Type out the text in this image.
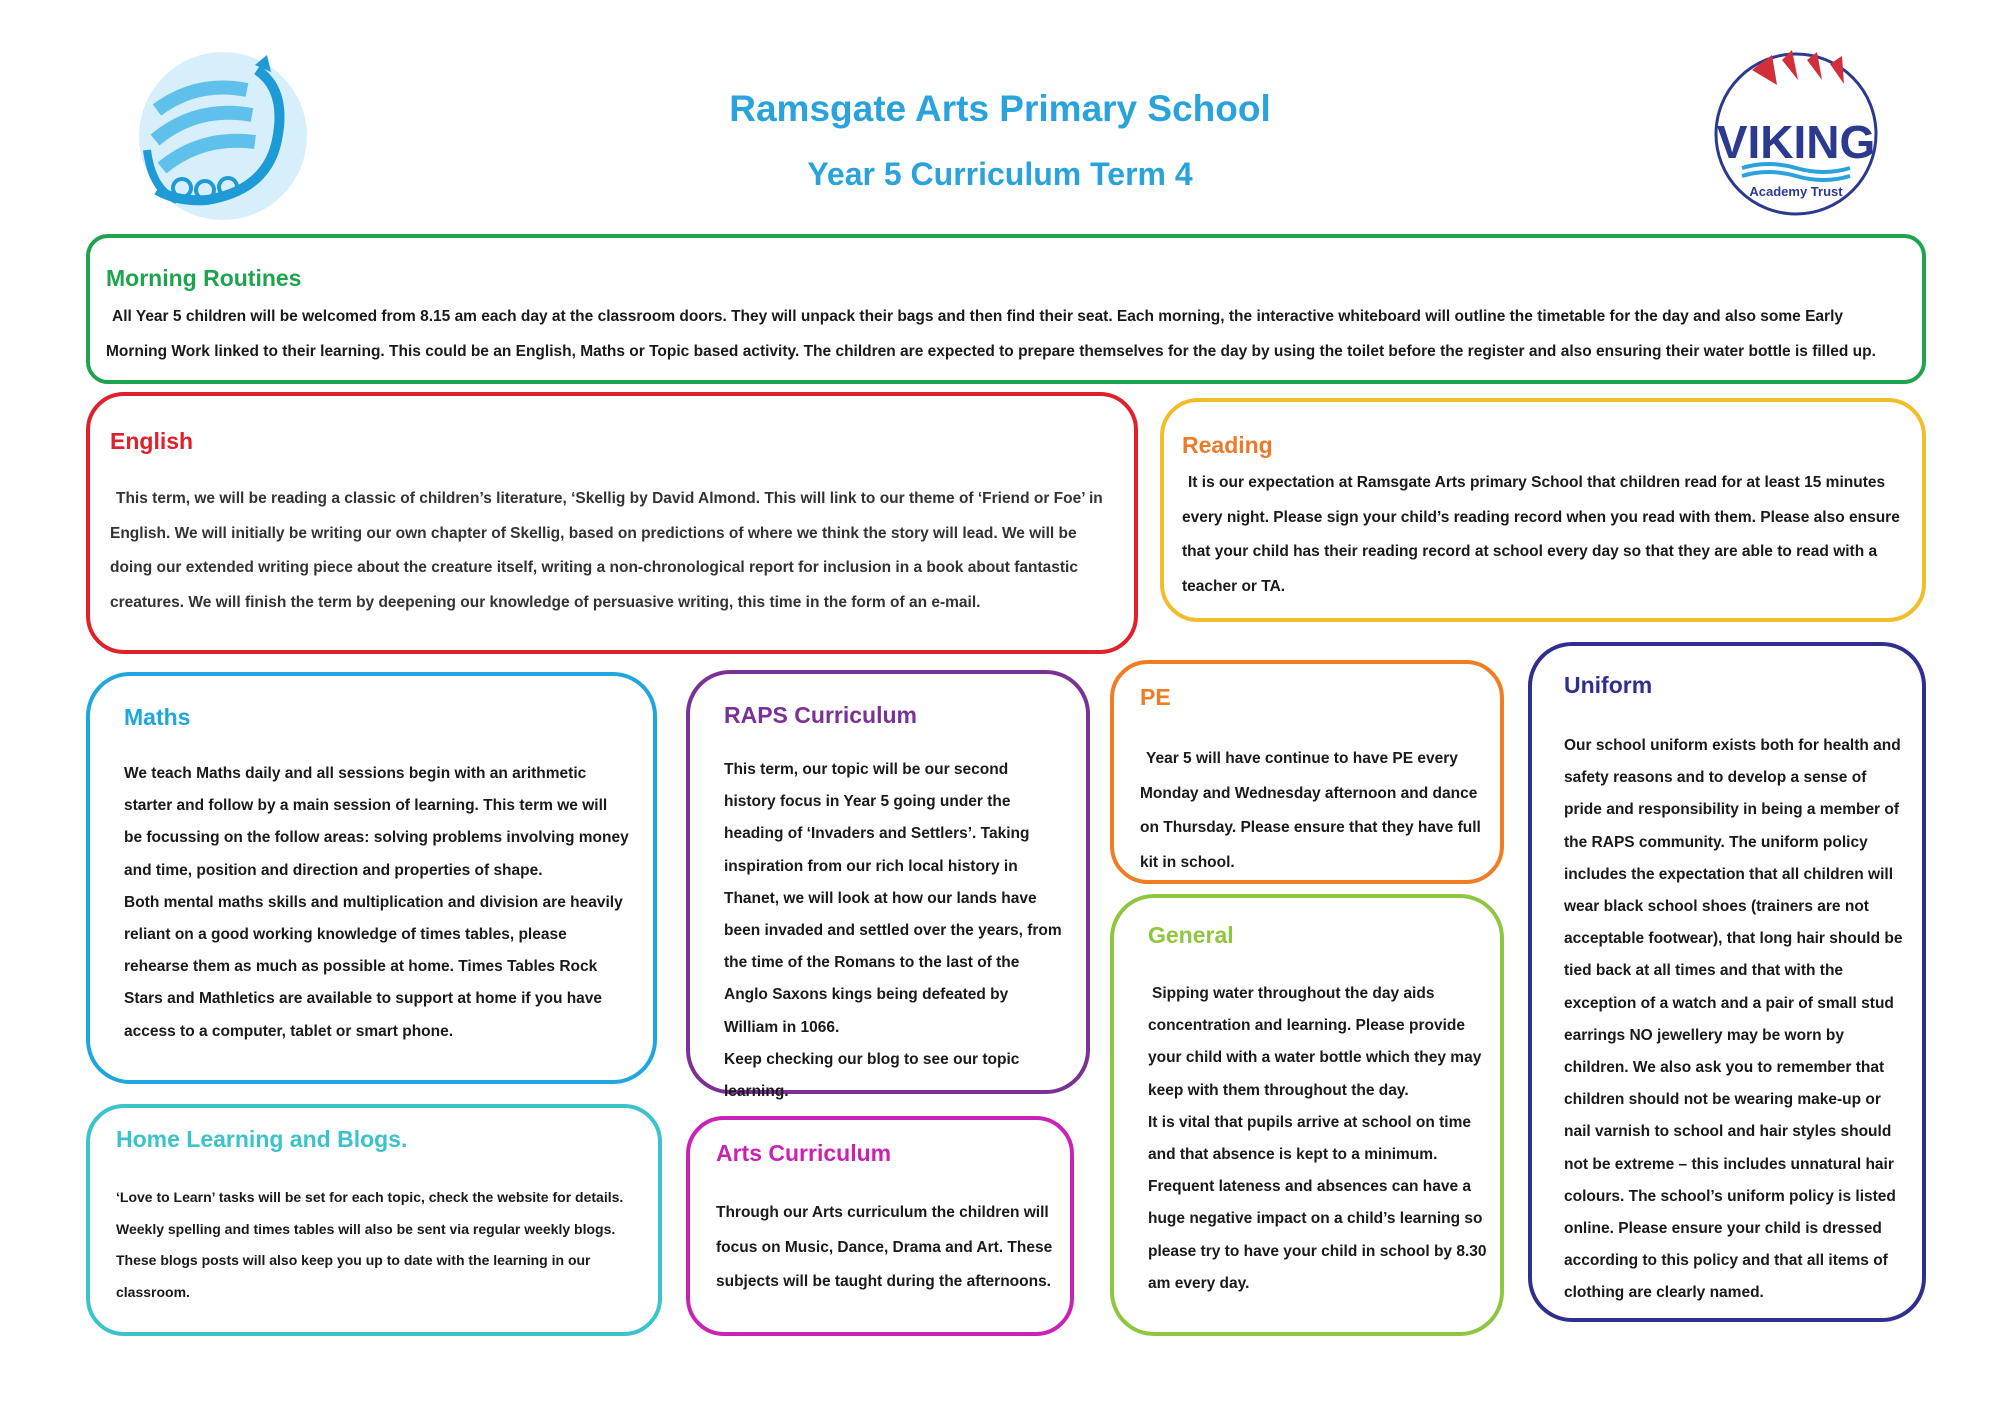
VIKING
Academy Trust
Ramsgate Arts Primary School
Year 5 Curriculum Term 4
Morning Routines

All Year 5 children will be welcomed from 8.15 am each day at the classroom doors. They will unpack their bags and then find their seat. Each morning, the interactive whiteboard will outline the timetable for the day and also some Early Morning Work linked to their learning. This could be an English, Maths or Topic based activity. The children are expected to prepare themselves for the day by using the toilet before the register and also ensuring their water bottle is filled up.

English

This term, we will be reading a classic of children’s literature, ‘Skellig by David Almond. This will link to our theme of ‘Friend or Foe’ in English. We will initially be writing our own chapter of Skellig, based on predictions of where we think the story will lead. We will be doing our extended writing piece about the creature itself, writing a non-chronological report for inclusion in a book about fantastic creatures. We will finish the term by deepening our knowledge of persuasive writing, this time in the form of an e-mail.

Reading

It is our expectation at Ramsgate Arts primary School that children read for at least 15 minutes every night. Please sign your child’s reading record when you read with them. Please also ensure that your child has their reading record at school every day so that they are able to read with a teacher or TA.

Maths

We teach Maths daily and all sessions begin with an arithmetic starter and follow by a main session of learning. This term we will be focussing on the follow areas: solving problems involving money and time, position and direction and properties of shape.
Both mental maths skills and multiplication and division are heavily reliant on a good working knowledge of times tables, please rehearse them as much as possible at home. Times Tables Rock Stars and Mathletics are available to support at home if you have access to a computer, tablet or smart phone.

RAPS Curriculum

This term, our topic will be our second history focus in Year 5 going under the heading of ‘Invaders and Settlers’. Taking inspiration from our rich local history in Thanet, we will look at how our lands have been invaded and settled over the years, from the time of the Romans to the last of the Anglo Saxons kings being defeated by William in 1066.
Keep checking our blog to see our topic learning.

PE

Year 5 will have continue to have PE every Monday and Wednesday afternoon and dance on Thursday. Please ensure that they have full kit in school.

General

Sipping water throughout the day aids concentration and learning. Please provide your child with a water bottle which they may keep with them throughout the day.
It is vital that pupils arrive at school on time and that absence is kept to a minimum. Frequent lateness and absences can have a huge negative impact on a child’s learning so please try to have your child in school by 8.30 am every day.

Uniform

Our school uniform exists both for health and safety reasons and to develop a sense of pride and responsibility in being a member of the RAPS community. The uniform policy includes the expectation that all children will wear black school shoes (trainers are not acceptable footwear), that long hair should be tied back at all times and that with the exception of a watch and a pair of small stud earrings NO jewellery may be worn by children. We also ask you to remember that children should not be wearing make-up or nail varnish to school and hair styles should not be extreme – this includes unnatural hair colours. The school’s uniform policy is listed online. Please ensure your child is dressed according to this policy and that all items of clothing are clearly named.

Home Learning and Blogs.

‘Love to Learn’ tasks will be set for each topic, check the website for details. Weekly spelling and times tables will also be sent via regular weekly blogs. These blogs posts will also keep you up to date with the learning in our classroom.

Arts Curriculum

Through our Arts curriculum the children will focus on Music, Dance, Drama and Art. These subjects will be taught during the afternoons.
